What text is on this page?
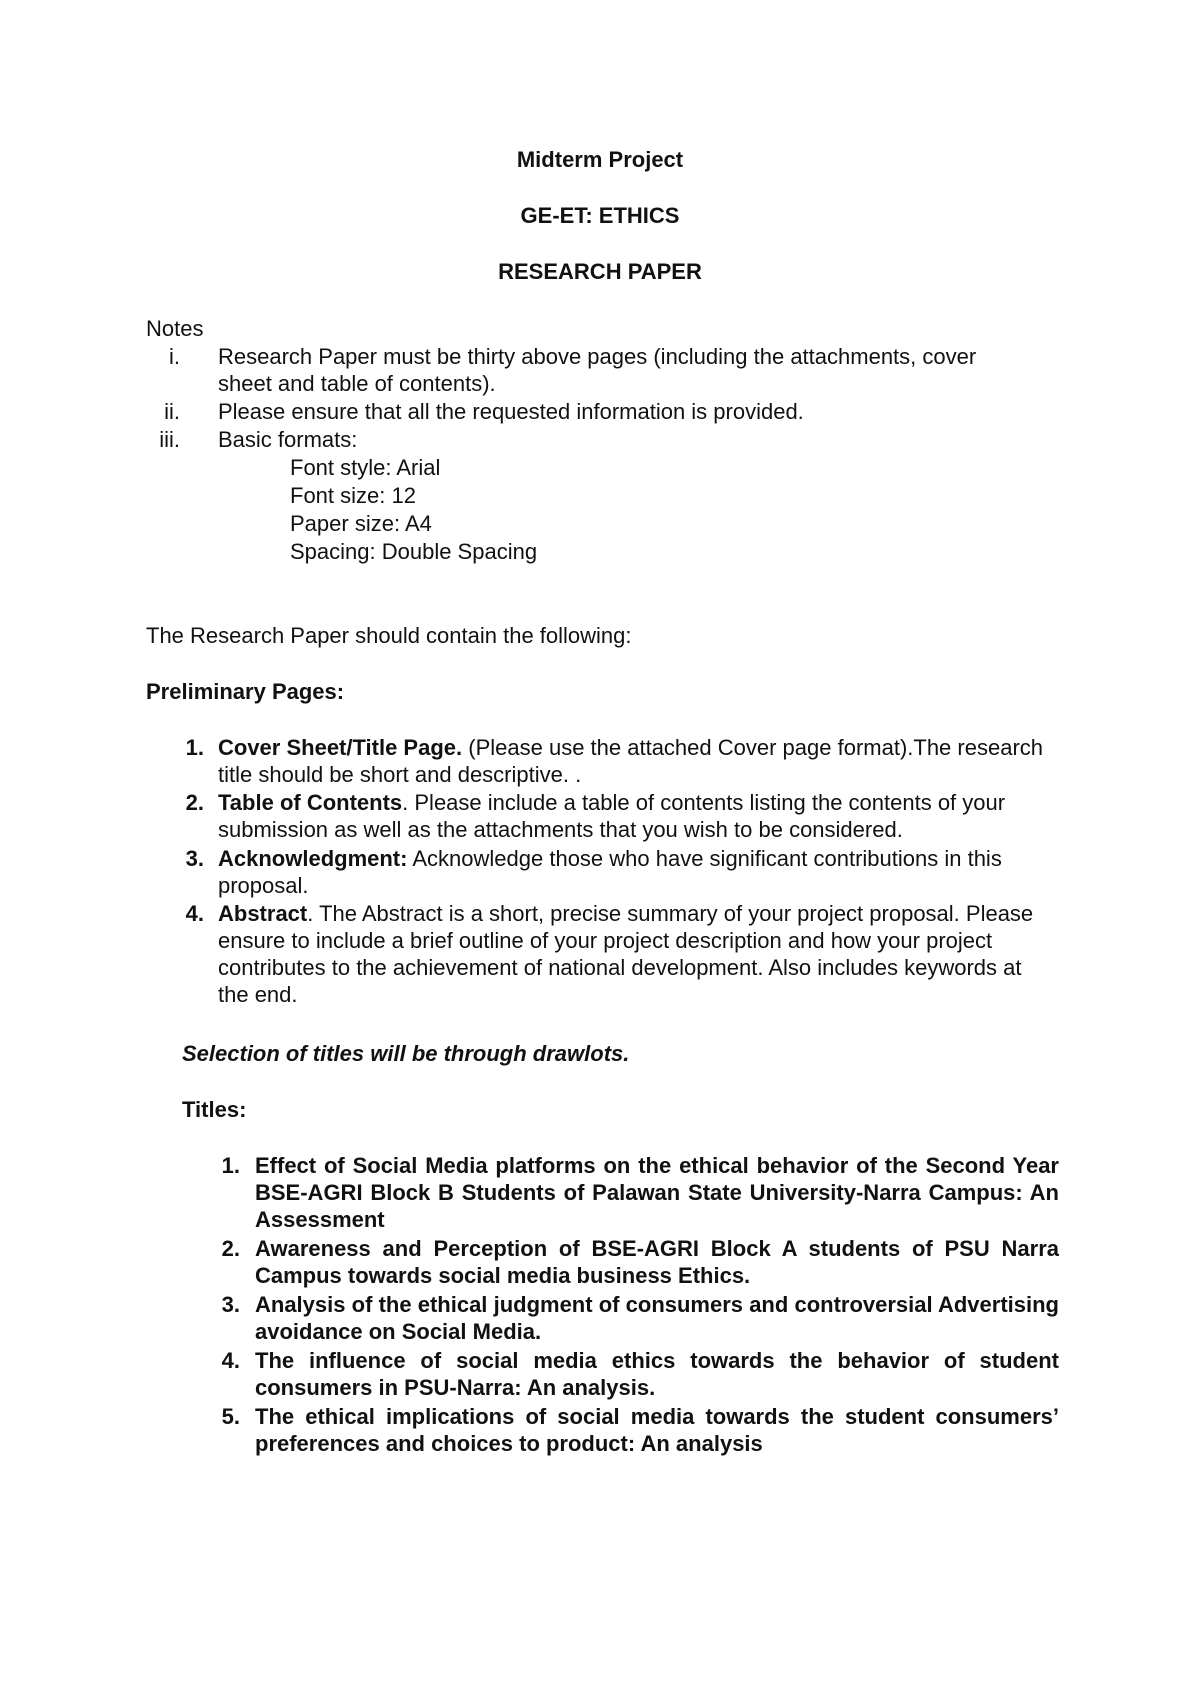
Midterm Project
GE-ET: ETHICS
RESEARCH PAPER
Notes
i. Research Paper must be thirty above pages (including the attachments, cover sheet and table of contents).
ii. Please ensure that all the requested information is provided.
iii. Basic formats:
Font style: Arial
Font size: 12
Paper size: A4
Spacing: Double Spacing
The Research Paper should contain the following:
Preliminary Pages:
1. Cover Sheet/Title Page. (Please use the attached Cover page format).The research title should be short and descriptive. .
2. Table of Contents. Please include a table of contents listing the contents of your submission as well as the attachments that you wish to be considered.
3. Acknowledgment: Acknowledge those who have significant contributions in this proposal.
4. Abstract. The Abstract is a short, precise summary of your project proposal. Please ensure to include a brief outline of your project description and how your project contributes to the achievement of national development. Also includes keywords at the end.
Selection of titles will be through drawlots.
Titles:
1. Effect of Social Media platforms on the ethical behavior of the Second Year BSE-AGRI Block B Students of Palawan State University-Narra Campus: An Assessment
2. Awareness and Perception of BSE-AGRI Block A students of PSU Narra Campus towards social media business Ethics.
3. Analysis of the ethical judgment of consumers and controversial Advertising avoidance on Social Media.
4. The influence of social media ethics towards the behavior of student consumers in PSU-Narra: An analysis.
5. The ethical implications of social media towards the student consumers’ preferences and choices to product: An analysis
